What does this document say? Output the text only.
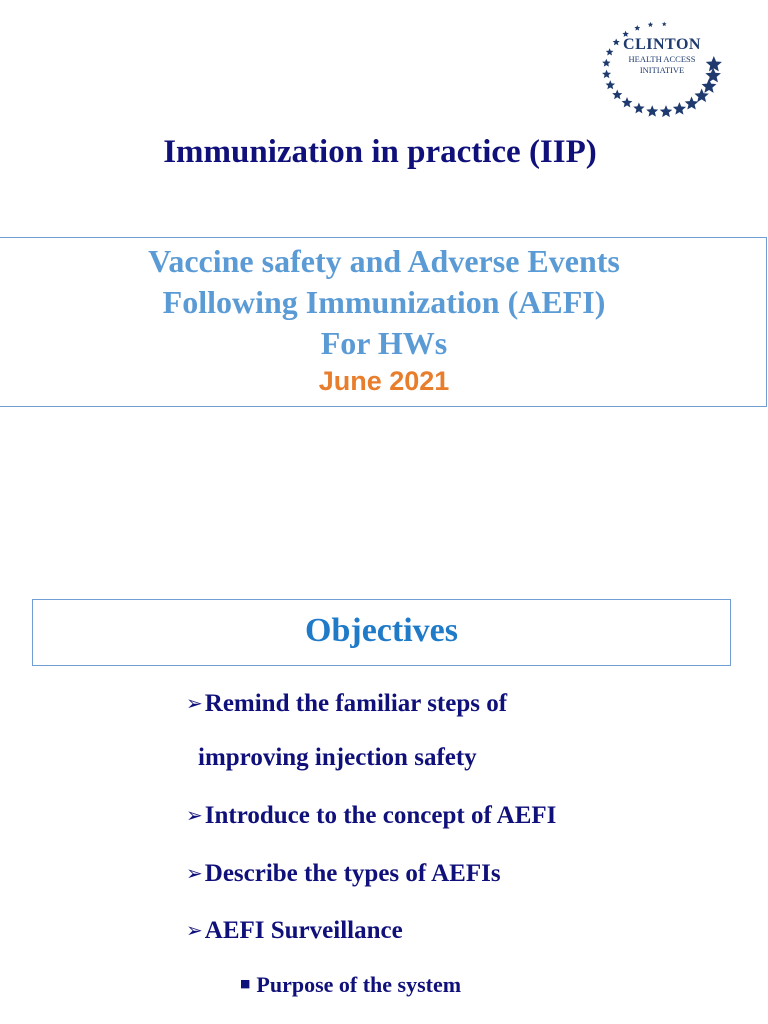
CLINTON
HEALTH ACCESS
INITIATIVE
Immunization in practice (IIP)
Vaccine safety and Adverse Events
Following Immunization (AEFI)
For HWs
June 2021
Objectives
➢Remind the familiar steps of
improving injection safety
➢Introduce to the concept of AEFI
➢Describe the types of AEFIs
➢AEFI Surveillance
■ Purpose of the system
